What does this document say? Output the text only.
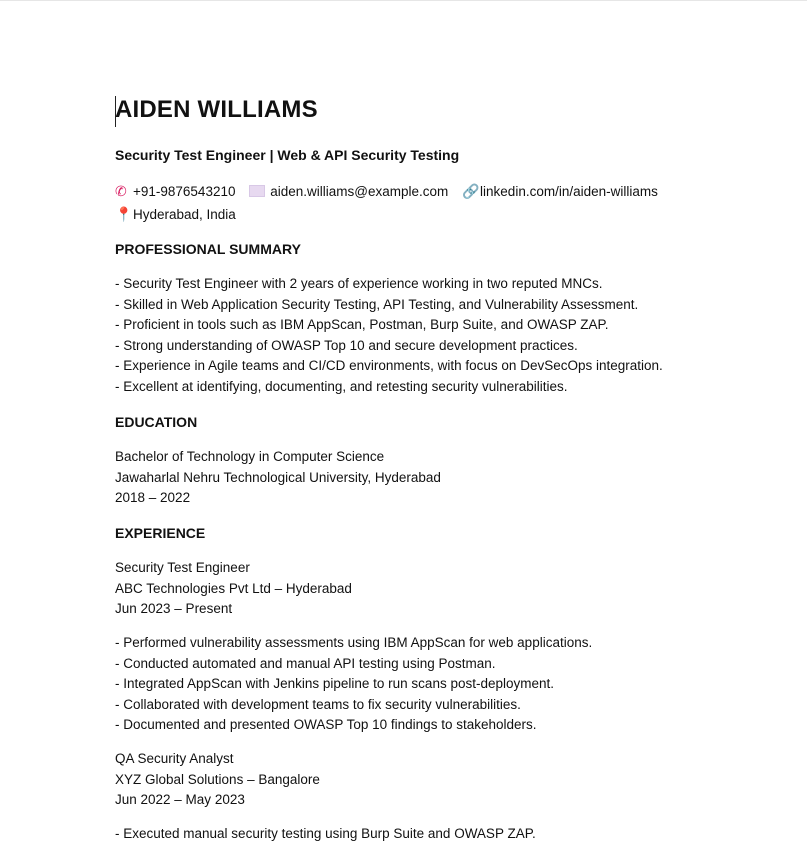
AIDEN WILLIAMS
Security Test Engineer | Web & API Security Testing
✆ +91-9876543210	aiden.williams@example.com 🔗linkedin.com/in/aiden-williams
📍Hyderabad, India
PROFESSIONAL SUMMARY
- Security Test Engineer with 2 years of experience working in two reputed MNCs.
- Skilled in Web Application Security Testing, API Testing, and Vulnerability Assessment.
- Proficient in tools such as IBM AppScan, Postman, Burp Suite, and OWASP ZAP.
- Strong understanding of OWASP Top 10 and secure development practices.
- Experience in Agile teams and CI/CD environments, with focus on DevSecOps integration.
- Excellent at identifying, documenting, and retesting security vulnerabilities.
EDUCATION
Bachelor of Technology in Computer Science
Jawaharlal Nehru Technological University, Hyderabad
2018 – 2022
EXPERIENCE
Security Test Engineer
ABC Technologies Pvt Ltd – Hyderabad
Jun 2023 – Present
- Performed vulnerability assessments using IBM AppScan for web applications.
- Conducted automated and manual API testing using Postman.
- Integrated AppScan with Jenkins pipeline to run scans post-deployment.
- Collaborated with development teams to fix security vulnerabilities.
- Documented and presented OWASP Top 10 findings to stakeholders.
QA Security Analyst
XYZ Global Solutions – Bangalore
Jun 2022 – May 2023
- Executed manual security testing using Burp Suite and OWASP ZAP.
